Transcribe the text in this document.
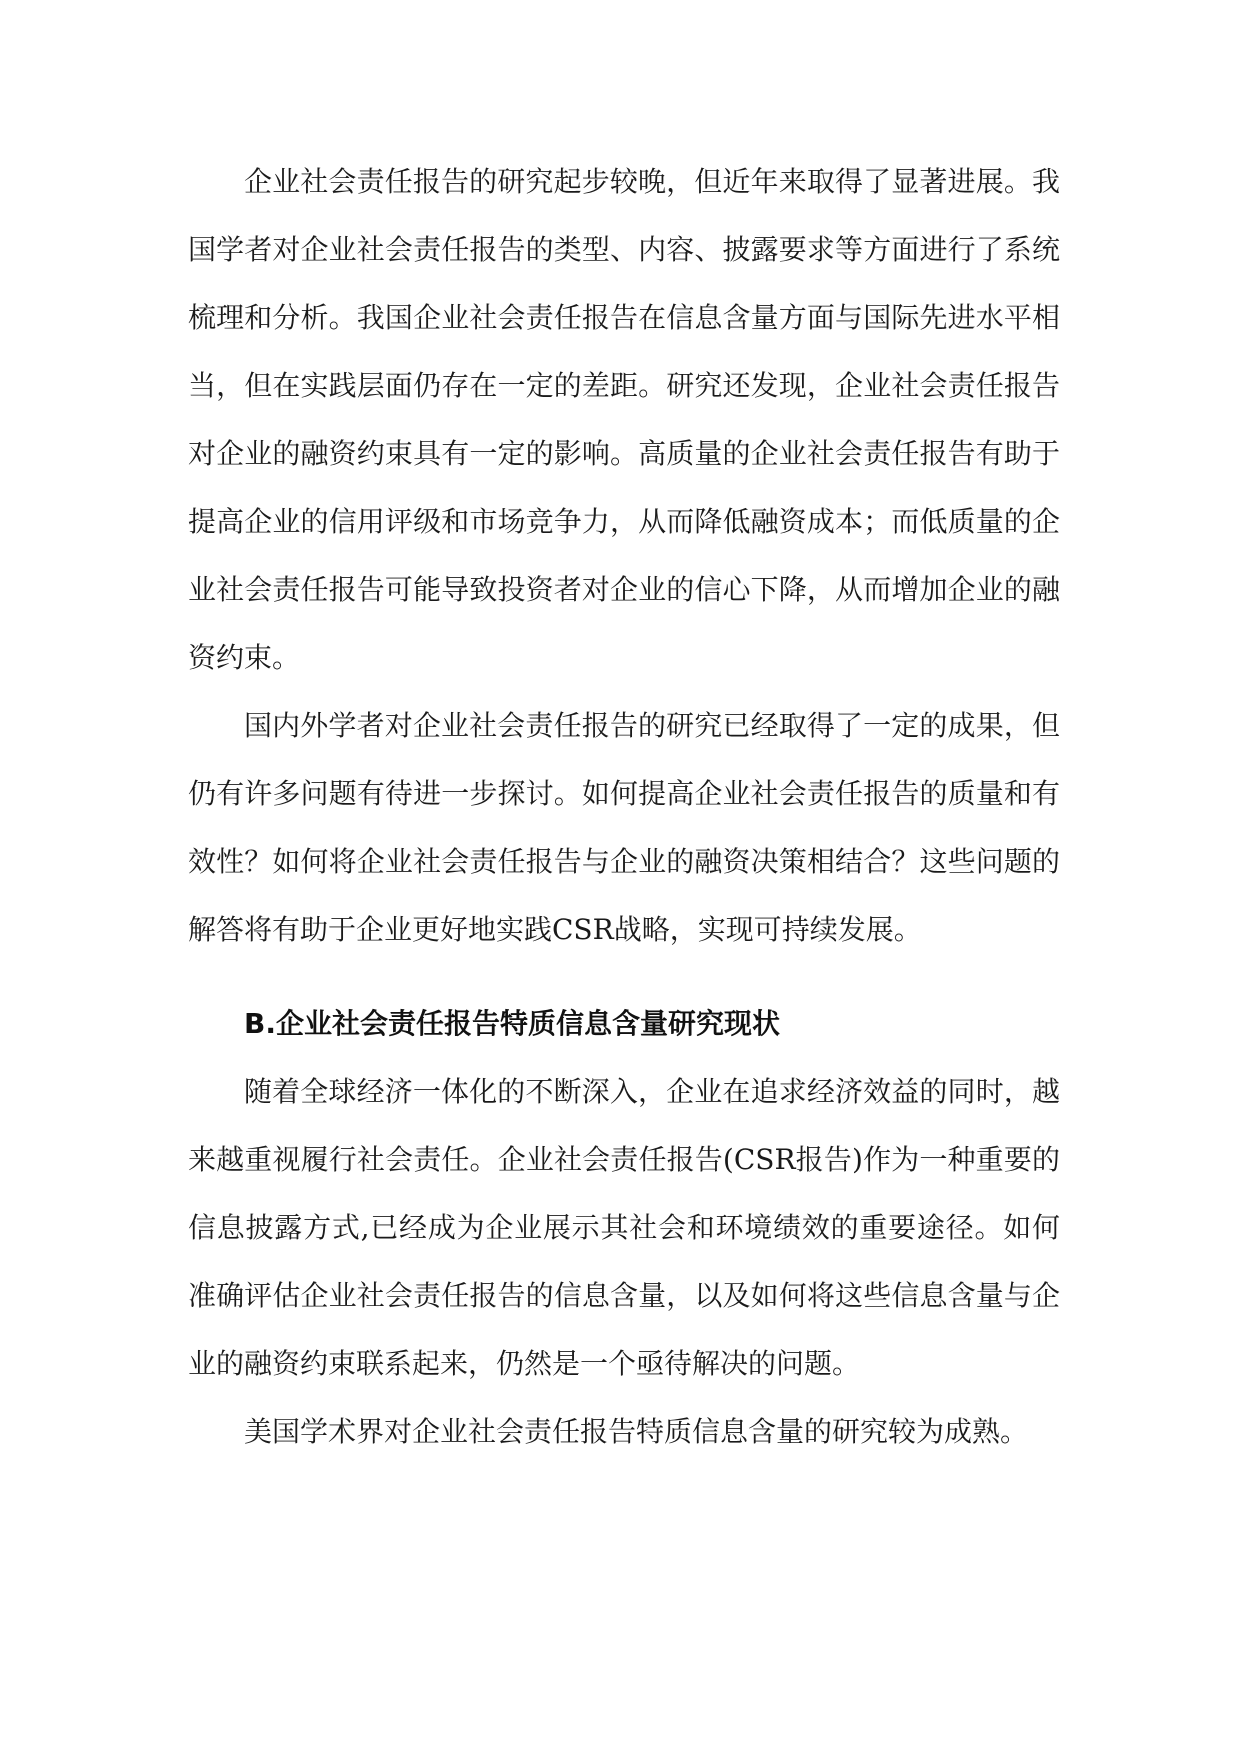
企业社会责任报告的研究起步较晚，但近年来取得了显著进展。我国学者对企业社会责任报告的类型、内容、披露要求等方面进行了系统梳理和分析。我国企业社会责任报告在信息含量方面与国际先进水平相当，但在实践层面仍存在一定的差距。研究还发现，企业社会责任报告对企业的融资约束具有一定的影响。高质量的企业社会责任报告有助于提高企业的信用评级和市场竞争力，从而降低融资成本；而低质量的企业社会责任报告可能导致投资者对企业的信心下降，从而增加企业的融资约束。

国内外学者对企业社会责任报告的研究已经取得了一定的成果，但仍有许多问题有待进一步探讨。如何提高企业社会责任报告的质量和有效性？如何将企业社会责任报告与企业的融资决策相结合？这些问题的解答将有助于企业更好地实践CSR战略，实现可持续发展。

B.企业社会责任报告特质信息含量研究现状

随着全球经济一体化的不断深入，企业在追求经济效益的同时，越来越重视履行社会责任。企业社会责任报告(CSR报告)作为一种重要的信息披露方式,已经成为企业展示其社会和环境绩效的重要途径。如何准确评估企业社会责任报告的信息含量，以及如何将这些信息含量与企业的融资约束联系起来，仍然是一个亟待解决的问题。

美国学术界对企业社会责任报告特质信息含量的研究较为成熟。
